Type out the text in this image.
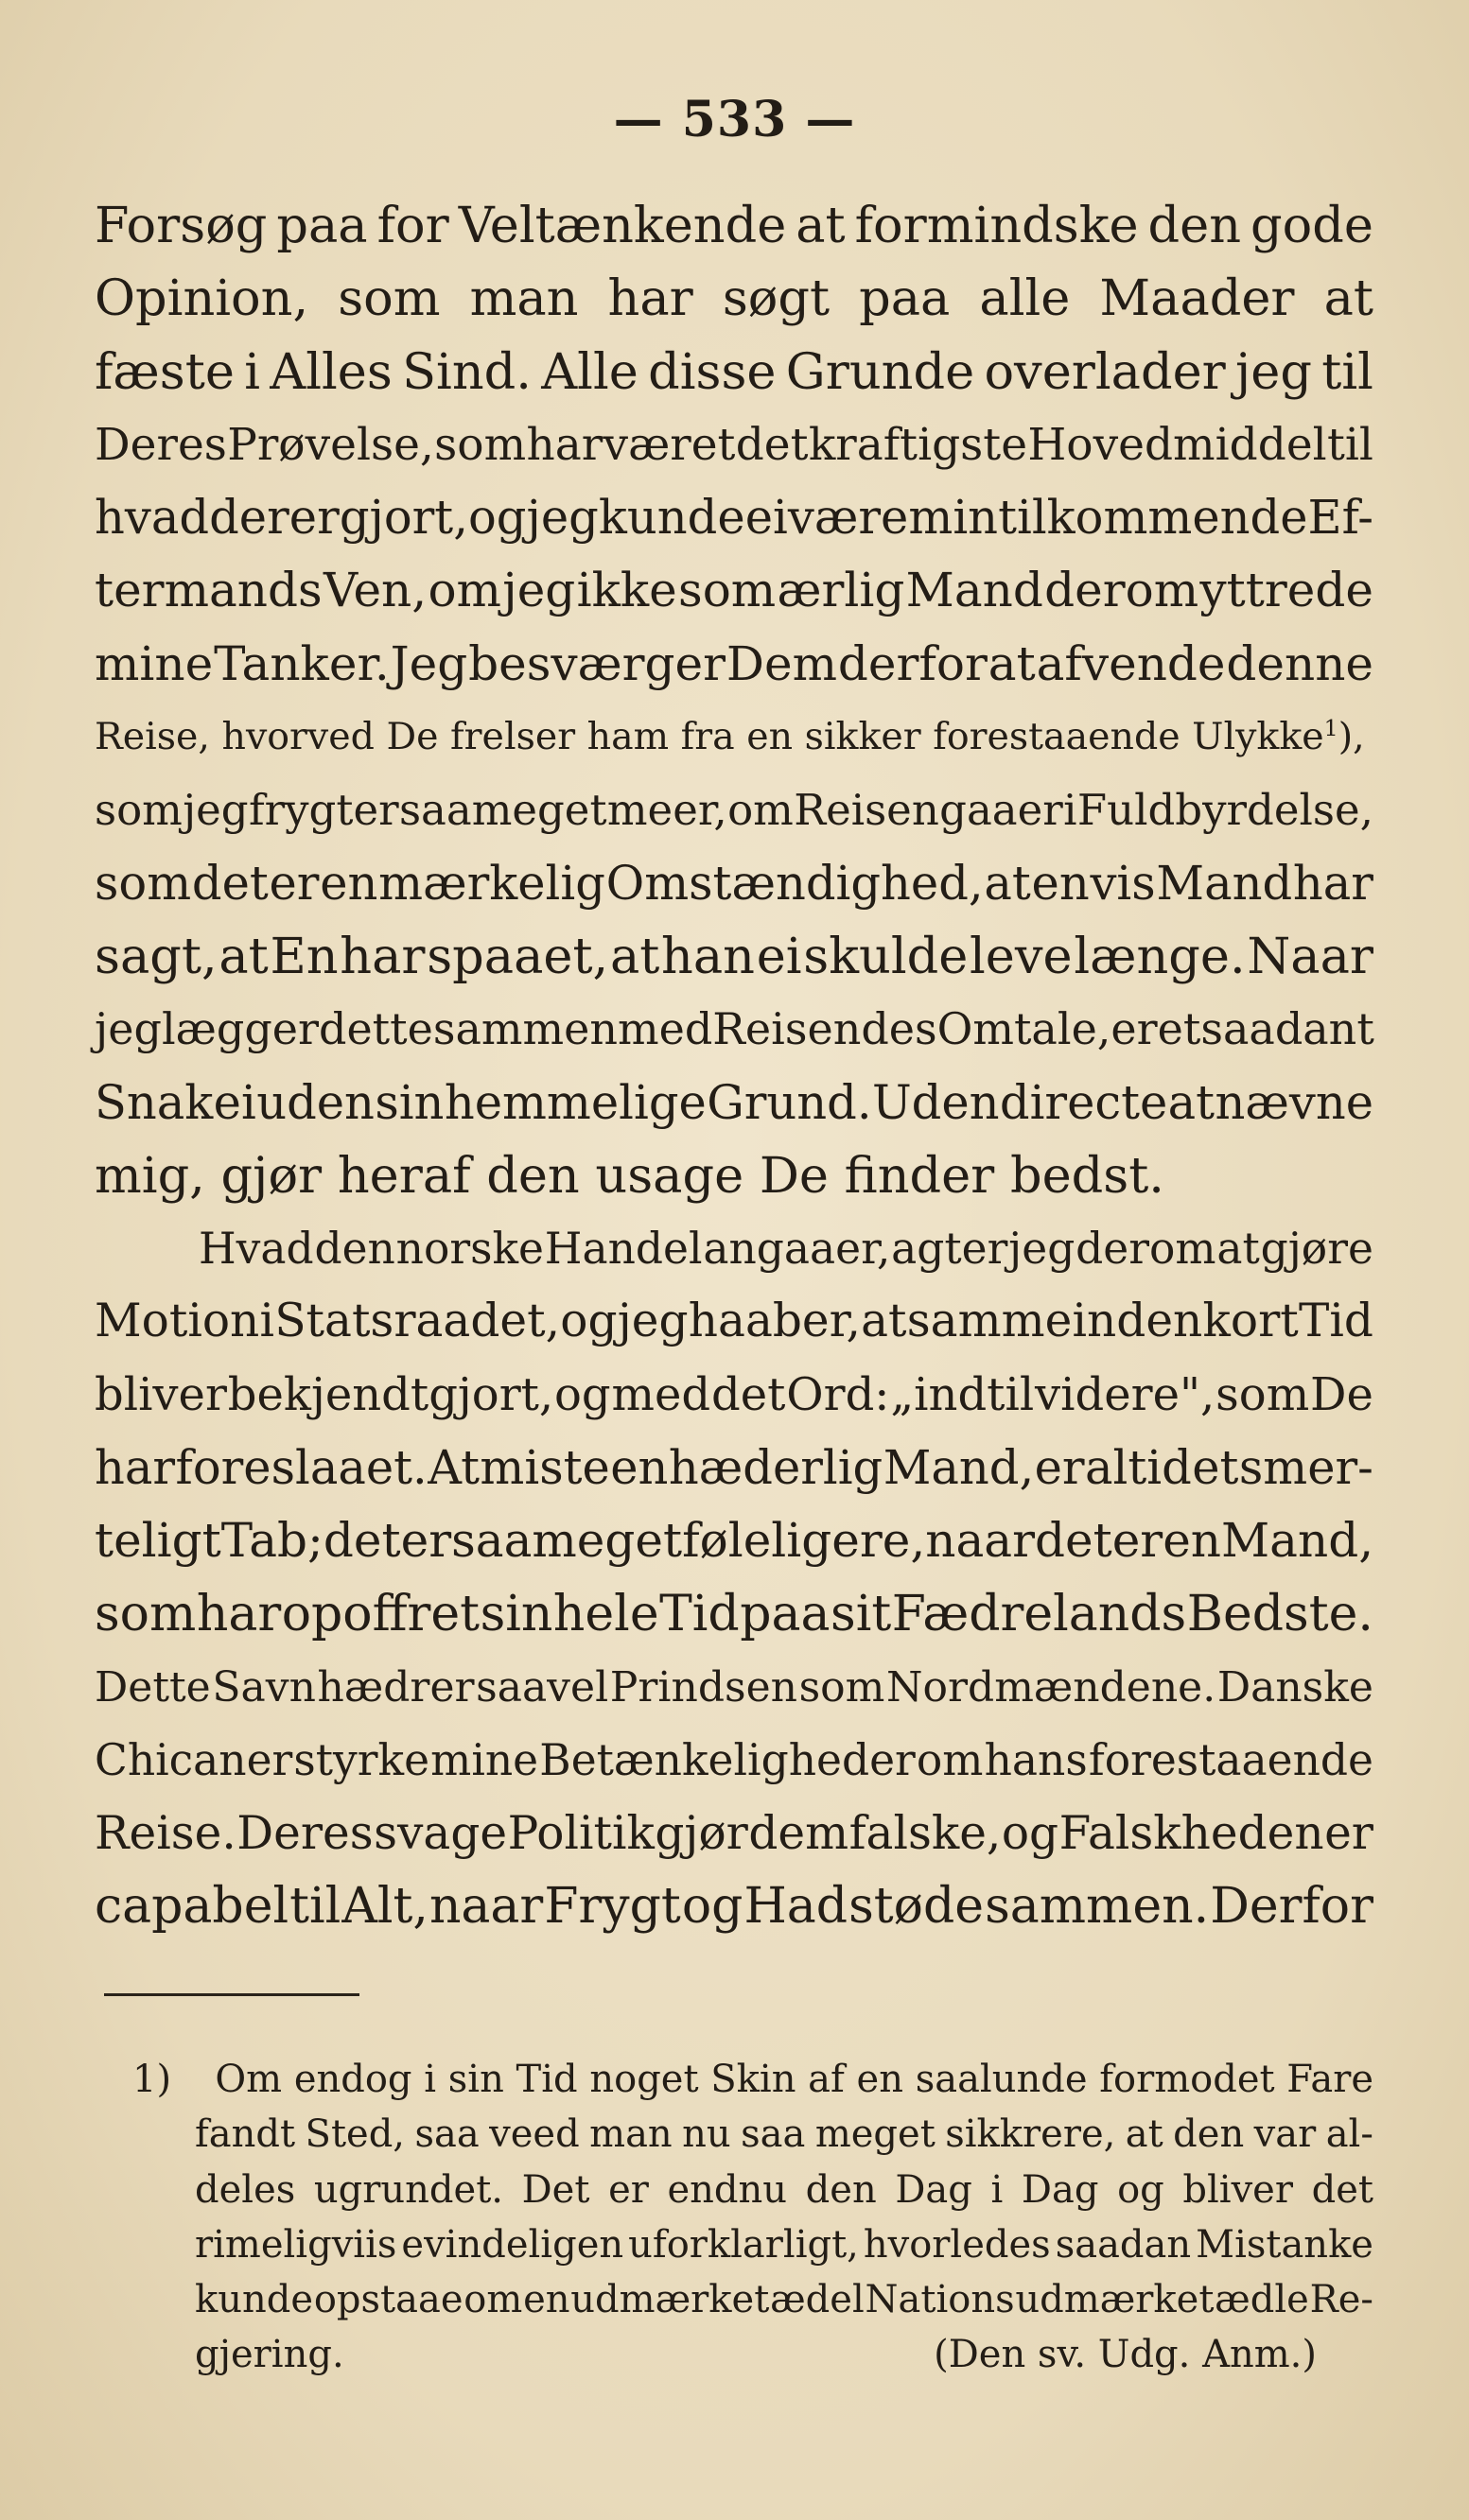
— 533 —
Forsøg paa for Veltænkende at formindske den gode
Opinion, som man har søgt paa alle Maader at
fæste i Alles Sind. Alle disse Grunde overlader jeg til
Deres Prøvelse, som har været det kraftigste Hovedmiddel til
hvad der er gjort, og jeg kunde ei være min tilkommende Ef-
termands Ven, om jeg ikke som ærlig Mand derom yttrede
mine Tanker. Jeg besværger Dem derfor at afvende denne
Reise, hvorved De frelser ham fra en sikker forestaaende Ulykke$^1$),
som jeg frygter saameget meer, om Reisen gaaer i Fuldbyrdelse,
som det er en mærkelig Omstændighed, at en vis Mand har
sagt, at En har spaaet, at han ei skulde leve længe. Naar
jeg lægger dette sammen med Reisendes Omtale, er et saadant
Snak ei uden sin hemmelige Grund. Uden directe at nævne
mig, gjør heraf den usage De finder bedst.
Hvad den norske Handel angaaer, agter jeg derom at gjøre
Motion i Statsraadet, og jeg haaber, at samme inden kort Tid
bliver bekjendtgjort, og med det Ord: „indtil videre", som De
har foreslaaet. At miste en hæderlig Mand, er altid et smer-
teligt Tab; det er saameget føleligere, naar det er en Mand,
som har opoffret sin hele Tid paa sit Fædrelands Bedste.
Dette Savn hædrer saavel Prindsen som Nordmændene. Danske
Chicaner styrke mine Betænkeligheder om hans forestaaende
Reise. Deres svage Politik gjør dem falske, og Falskheden er
capabel til Alt, naar Frygt og Had støde sammen. Derfor
1)
Om endog i sin Tid noget Skin af en saalunde formodet Fare
fandt Sted, saa veed man nu saa meget sikkrere, at den var al-
deles ugrundet. Det er endnu den Dag i Dag og bliver det
rimeligviis evindeligen uforklarligt, hvorledes saadan Mistanke
kunde opstaae om en udmærket ædel Nations udmærket ædle Re-
gjering.	(Den sv. Udg. Anm.)
